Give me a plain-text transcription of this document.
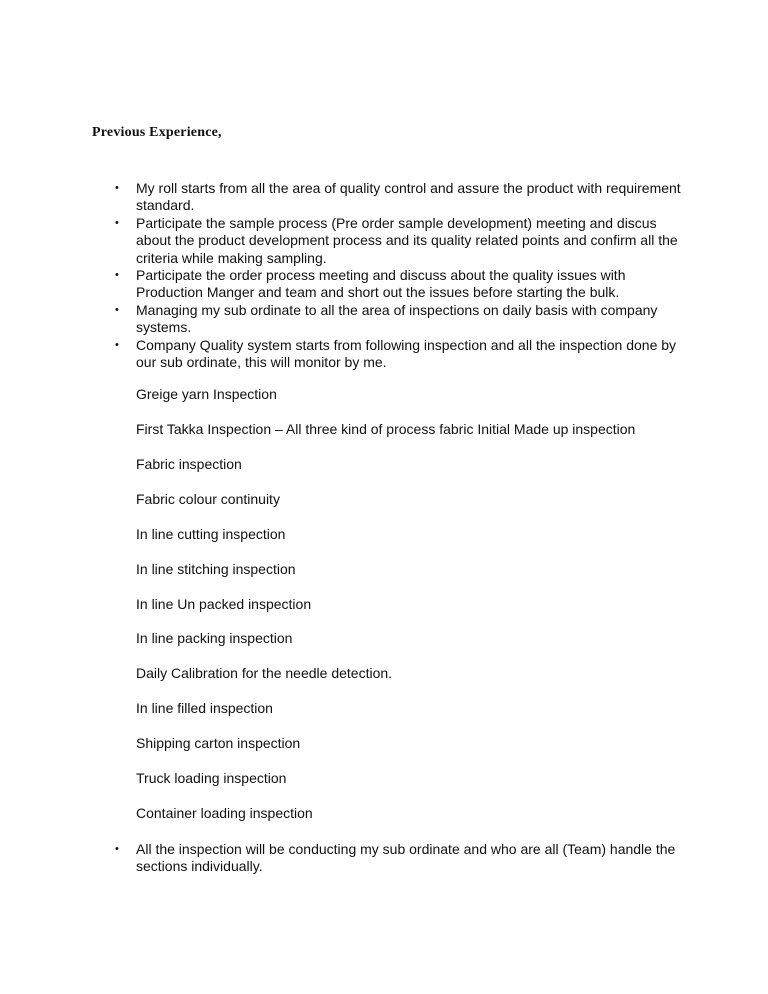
Previous Experience,
•	My roll starts from all the area of quality control and assure the product with requirement standard.
•	Participate the sample process (Pre order sample development) meeting and discus about the product development process and its quality related points and confirm all the criteria while making sampling.
•	Participate the order process meeting and discuss about the quality issues with Production Manger and team and short out the issues before starting the bulk.
•	Managing my sub ordinate to all the area of inspections on daily basis with company systems.
•	Company Quality system starts from following inspection and all the inspection done by our sub ordinate, this will monitor by me.

Greige yarn Inspection

First Takka Inspection – All three kind of process fabric Initial Made up inspection

Fabric inspection

Fabric colour continuity

In line cutting inspection

In line stitching inspection

In line Un packed inspection

In line packing inspection

Daily Calibration for the needle detection.

In line filled inspection

Shipping carton inspection

Truck loading inspection

Container loading inspection

•	All the inspection will be conducting my sub ordinate and who are all (Team) handle the sections individually.
